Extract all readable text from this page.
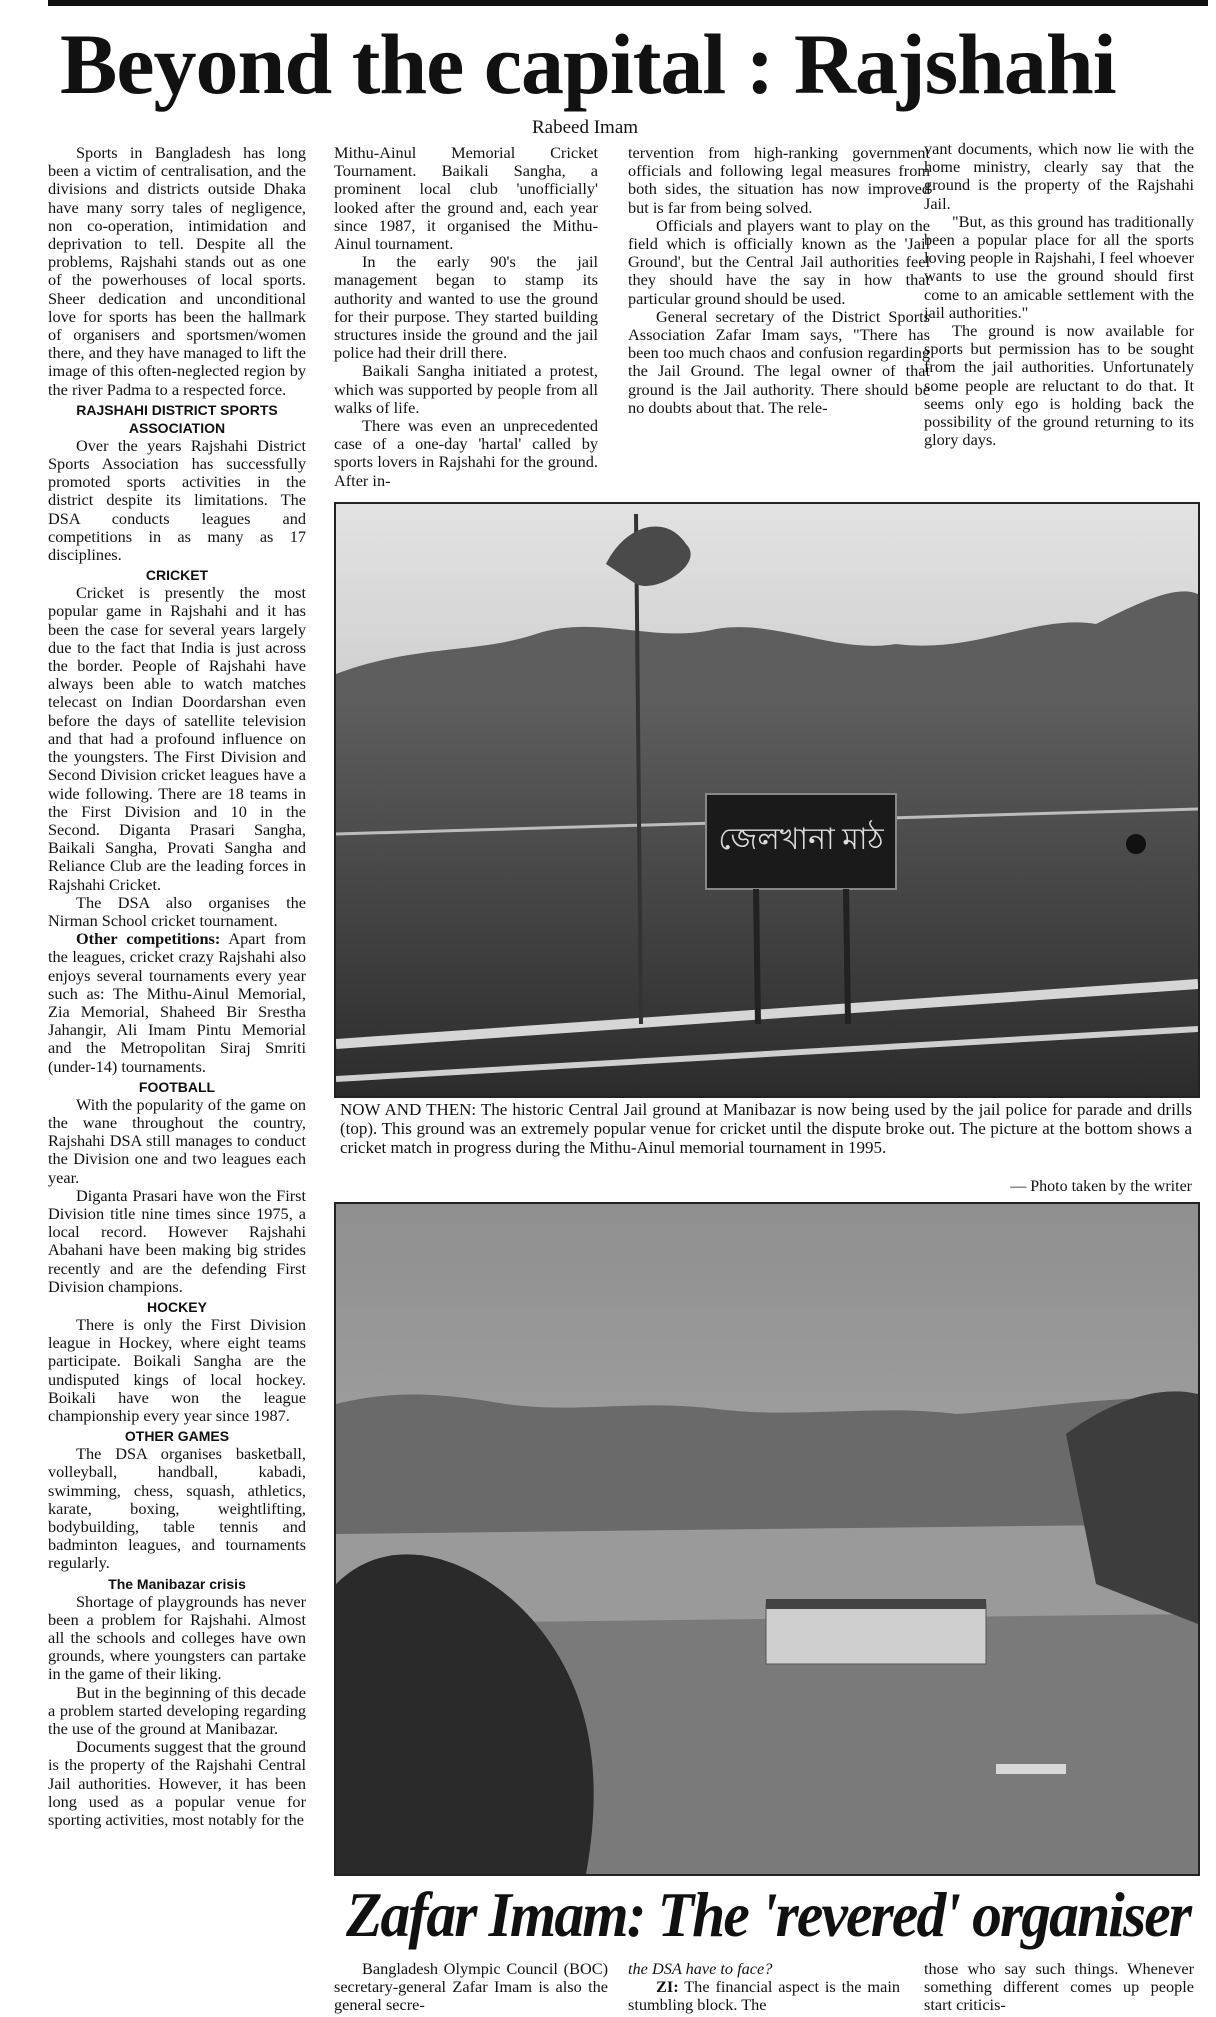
Beyond the capital : Rajshahi
Rabeed Imam

Sports in Bangladesh has long been a victim of centralisation, and the divisions and districts outside Dhaka have many sorry tales of negligence, non co-operation, intimidation and deprivation to tell. Despite all the problems, Rajshahi stands out as one of the powerhouses of local sports. Sheer dedication and unconditional love for sports has been the hallmark of organisers and sportsmen/women there, and they have managed to lift the image of this often-neglected region by the river Padma to a respected force.

RAJSHAHI DISTRICT SPORTS ASSOCIATION

Over the years Rajshahi District Sports Association has successfully promoted sports activities in the district despite its limitations. The DSA conducts leagues and competitions in as many as 17 disciplines.

CRICKET

Cricket is presently the most popular game in Rajshahi and it has been the case for several years largely due to the fact that India is just across the border. People of Rajshahi have always been able to watch matches telecast on Indian Doordarshan even before the days of satellite television and that had a profound influence on the youngsters. The First Division and Second Division cricket leagues have a wide following. There are 18 teams in the First Division and 10 in the Second. Diganta Prasari Sangha, Baikali Sangha, Provati Sangha and Reliance Club are the leading forces in Rajshahi Cricket.

The DSA also organises the Nirman School cricket tournament.

Other competitions: Apart from the leagues, cricket crazy Rajshahi also enjoys several tournaments every year such as: The Mithu-Ainul Memorial, Zia Memorial, Shaheed Bir Srestha Jahangir, Ali Imam Pintu Memorial and the Metropolitan Siraj Smriti (under-14) tournaments.

FOOTBALL

With the popularity of the game on the wane throughout the country, Rajshahi DSA still manages to conduct the Division one and two leagues each year.

Diganta Prasari have won the First Division title nine times since 1975, a local record. However Rajshahi Abahani have been making big strides recently and are the defending First Division champions.

HOCKEY

There is only the First Division league in Hockey, where eight teams participate. Boikali Sangha are the undisputed kings of local hockey. Boikali have won the league championship every year since 1987.

OTHER GAMES

The DSA organises basketball, volleyball, handball, kabadi, swimming, chess, squash, athletics, karate, boxing, weightlifting, bodybuilding, table tennis and badminton leagues, and tournaments regularly.

The Manibazar crisis

Shortage of playgrounds has never been a problem for Rajshahi. Almost all the schools and colleges have own grounds, where youngsters can partake in the game of their liking.

But in the beginning of this decade a problem started developing regarding the use of the ground at Manibazar.

Documents suggest that the ground is the property of the Rajshahi Central Jail authorities. However, it has been long used as a popular venue for sporting activities, most notably for the

Mithu-Ainul Memorial Cricket Tournament. Baikali Sangha, a prominent local club 'unofficially' looked after the ground and, each year since 1987, it organised the Mithu-Ainul tournament.

In the early 90's the jail management began to stamp its authority and wanted to use the ground for their purpose. They started building structures inside the ground and the jail police had their drill there.

Baikali Sangha initiated a protest, which was supported by people from all walks of life.

There was even an unprecedented case of a one-day 'hartal' called by sports lovers in Rajshahi for the ground. After in-

tervention from high-ranking government officials and following legal measures from both sides, the situation has now improved but is far from being solved.

Officials and players want to play on the field which is officially known as the 'Jail Ground', but the Central Jail authorities feel they should have the say in how that particular ground should be used.

General secretary of the District Sports Association Zafar Imam says, "There has been too much chaos and confusion regarding the Jail Ground. The legal owner of that ground is the Jail authority. There should be no doubts about that. The rele-

vant documents, which now lie with the home ministry, clearly say that the ground is the property of the Rajshahi Jail.

"But, as this ground has traditionally been a popular place for all the sports loving people in Rajshahi, I feel whoever wants to use the ground should first come to an amicable settlement with the jail authorities."

The ground is now available for sports but permission has to be sought from the jail authorities. Unfortunately some people are reluctant to do that. It seems only ego is holding back the possibility of the ground returning to its glory days.

জেলখানা মাঠ
NOW AND THEN: The historic Central Jail ground at Manibazar is now being used by the jail police for parade and drills (top). This ground was an extremely popular venue for cricket until the dispute broke out. The picture at the bottom shows a cricket match in progress during the Mithu-Ainul memorial tournament in 1995.
— Photo taken by the writer
Zafar Imam: The 'revered' organiser

Bangladesh Olympic Council (BOC) secretary-general Zafar Imam is also the general secre-

the DSA have to face?

ZI: The financial aspect is the main stumbling block. The

those who say such things. Whenever something different comes up people start criticis-
